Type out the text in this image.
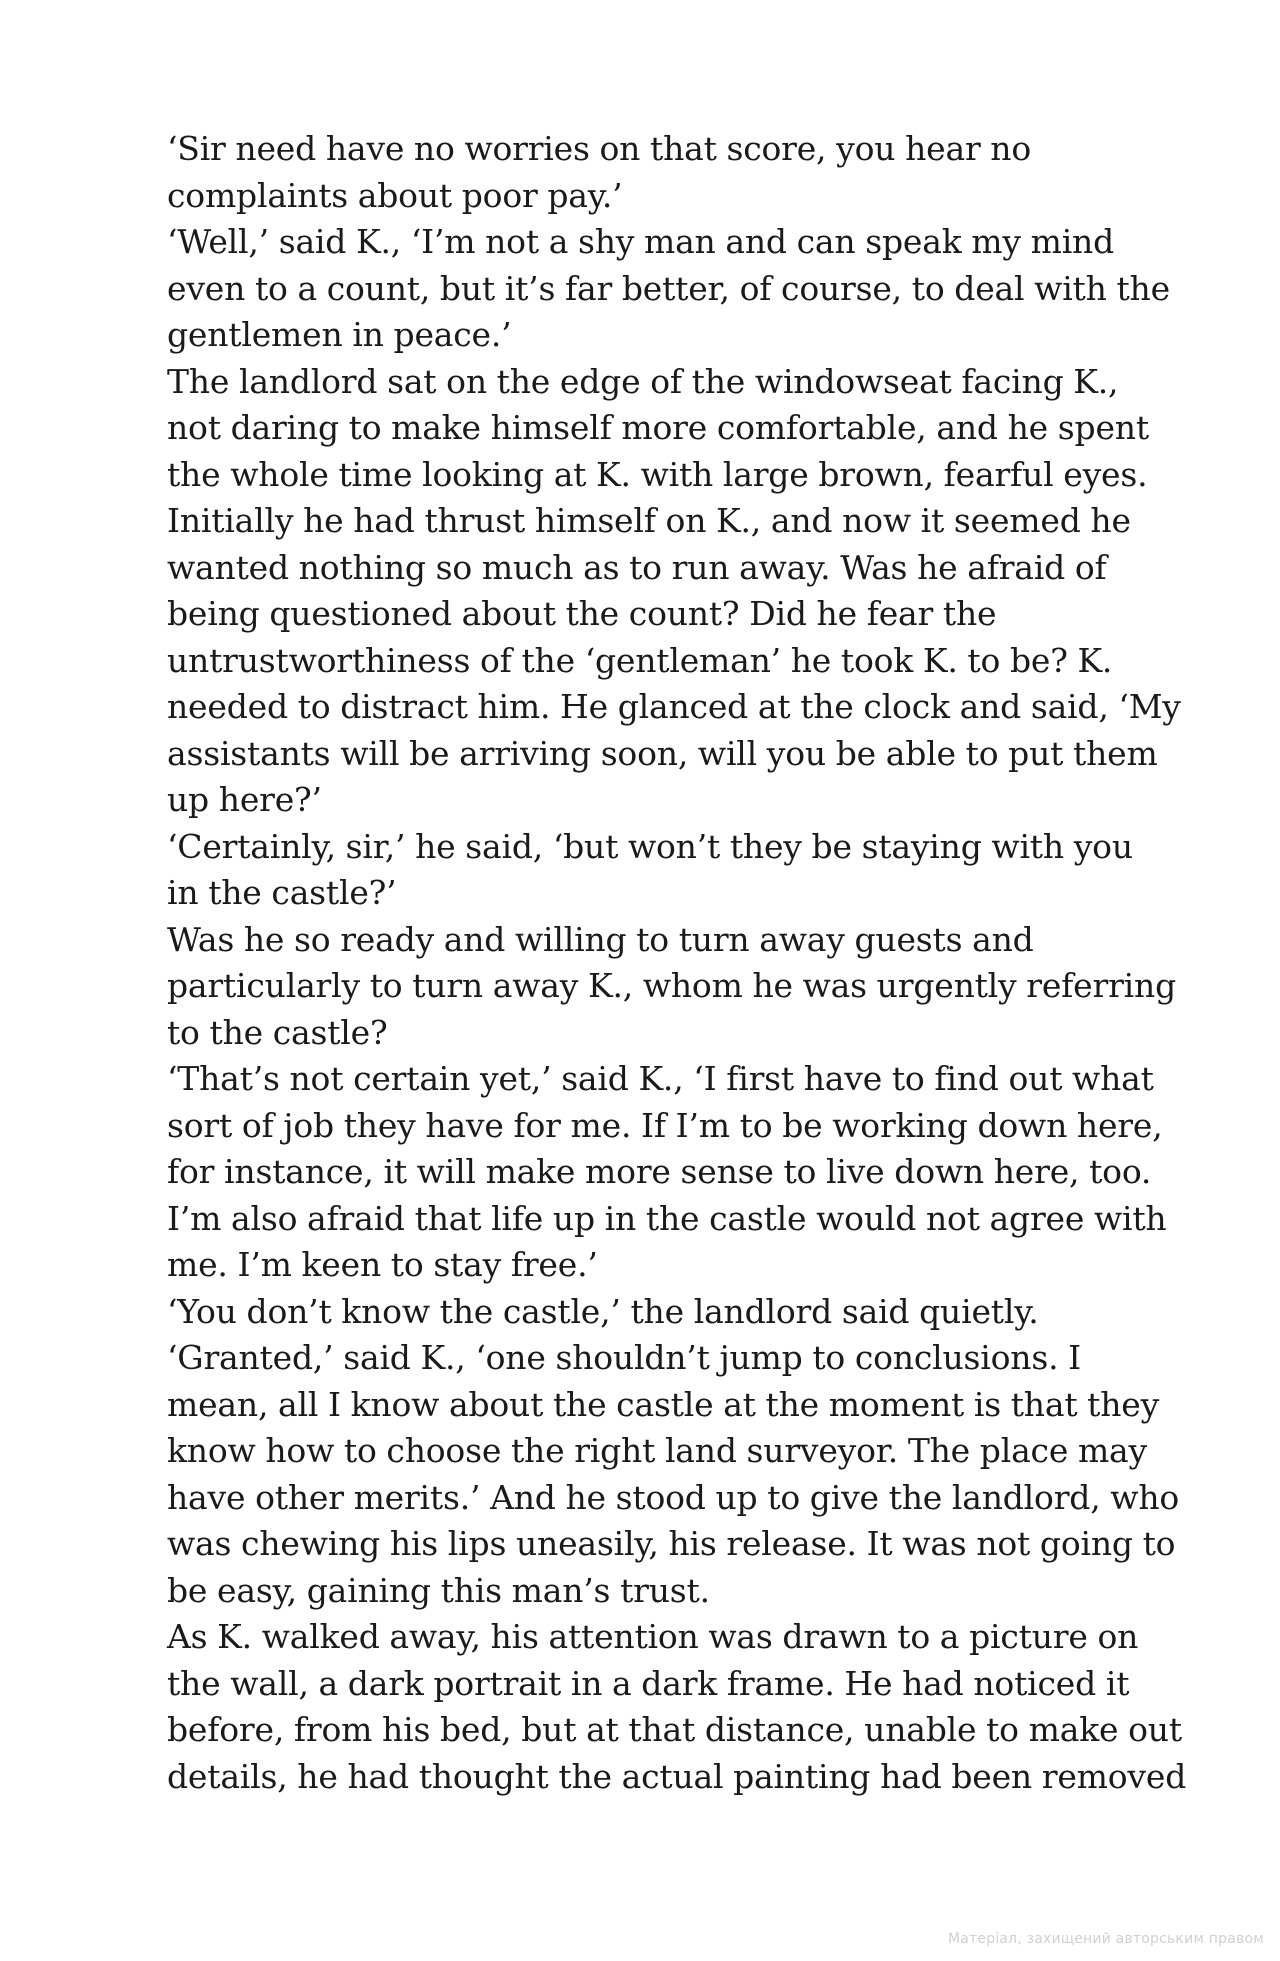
‘Sir need have no worries on that score, you hear no
complaints about poor pay.’

‘Well,’ said K., ‘I’m not a shy man and can speak my mind
even to a count, but it’s far better, of course, to deal with the
gentlemen in peace.’

The landlord sat on the edge of the windowseat facing K.,
not daring to make himself more comfortable, and he spent
the whole time looking at K. with large brown, fearful eyes.
Initially he had thrust himself on K., and now it seemed he
wanted nothing so much as to run away. Was he afraid of
being questioned about the count? Did he fear the
untrustworthiness of the ‘gentleman’ he took K. to be? K.
needed to distract him. He glanced at the clock and said, ‘My
assistants will be arriving soon, will you be able to put them
up here?’

‘Certainly, sir,’ he said, ‘but won’t they be staying with you
in the castle?’

Was he so ready and willing to turn away guests and
particularly to turn away K., whom he was urgently referring
to the castle?

‘That’s not certain yet,’ said K., ‘I first have to find out what
sort of job they have for me. If I’m to be working down here,
for instance, it will make more sense to live down here, too.
I’m also afraid that life up in the castle would not agree with
me. I’m keen to stay free.’

‘You don’t know the castle,’ the landlord said quietly.

‘Granted,’ said K., ‘one shouldn’t jump to conclusions. I
mean, all I know about the castle at the moment is that they
know how to choose the right land surveyor. The place may
have other merits.’ And he stood up to give the landlord, who
was chewing his lips uneasily, his release. It was not going to
be easy, gaining this man’s trust.

As K. walked away, his attention was drawn to a picture on
the wall, a dark portrait in a dark frame. He had noticed it
before, from his bed, but at that distance, unable to make out
details, he had thought the actual painting had been removed

Матеріал, захищений авторським правом
